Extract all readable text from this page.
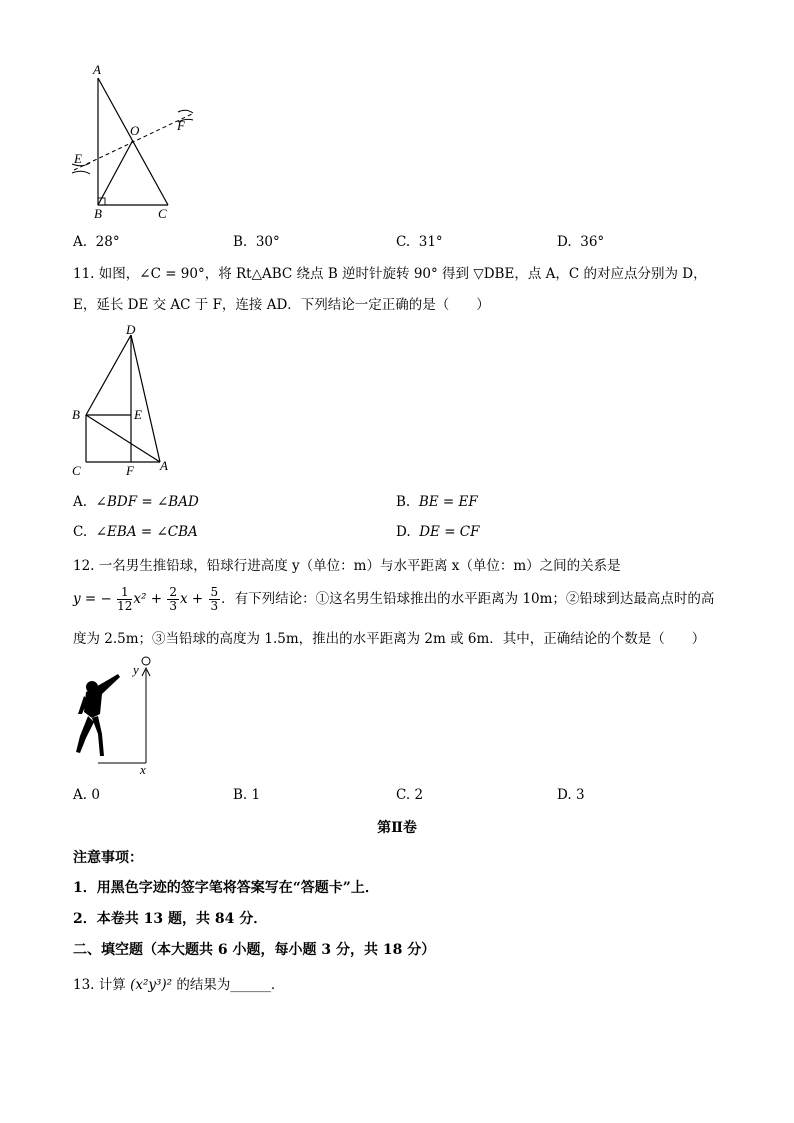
A
B	C
O
E
F
A. 28°	B. 30°	C. 31°	D. 36°
11. 如图，∠C = 90°，将 Rt△ABC 绕点 B 逆时针旋转 90° 得到 ▽DBE，点 A，C 的对应点分别为 D，
E，延长 DE 交 AC 于 F，连接 AD．下列结论一定正确的是（　　）
D
B	E
C	F A
A. ∠BDF = ∠BAD	B. BE = EF
C. ∠EBA = ∠CBA	D. DE = CF
12. 一名男生推铅球，铅球行进高度 y（单位：m）与水平距离 x（单位：m）之间的关系是
y = − $\frac{1}{12} x^2 + \frac{2}{3}$ $x + \frac{5}{3}$ ．有下列结论：①这名男生铅球推出的水平距离为 10m；②铅球到达最高点时的高
度为 2.5m；③当铅球的高度为 1.5m，推出的水平距离为 2m 或 6m．其中，正确结论的个数是（　　）
y
x
A. 0	B. 1	C. 2	D. 3
第Ⅱ卷
注意事项：
1．用黑色字迹的签字笔将答案写在“答题卡”上．
2．本卷共 13 题，共 84 分．
二、填空题（本大题共 6 小题，每小题 3 分，共 18 分）
13. 计算 (x²y³)² 的结果为______．
